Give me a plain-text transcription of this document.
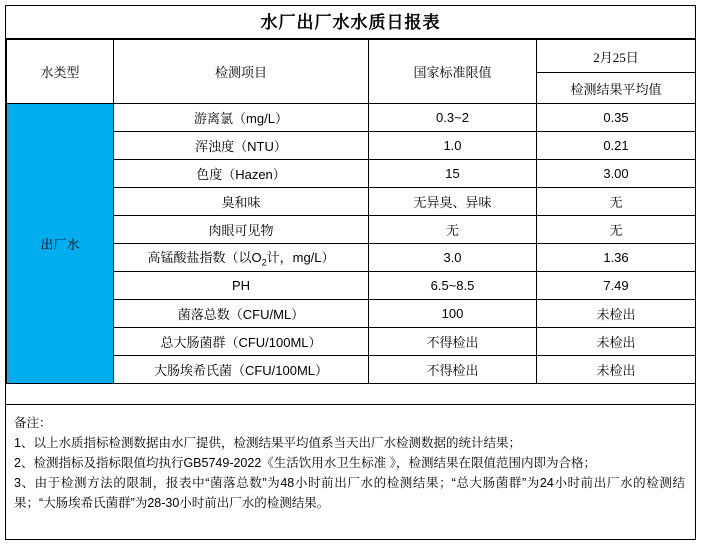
水厂出厂水水质日报表
水类型	检测项目	国家标准限值	2月25日
			检测结果平均值
出厂水	游离氯（mg/L）	0.3~2	0.35
	浑浊度（NTU）	1.0	0.21
	色度（Hazen）	15	3.00
	臭和味	无异臭、异味	无
	肉眼可见物	无	无
	高锰酸盐指数（以$O_2$计，mg/L）	3.0	1.36
	PH	6.5~8.5	7.49
	菌落总数（CFU/ML）	100	未检出
	总大肠菌群（CFU/100ML）	不得检出	未检出
	大肠埃希氏菌（CFU/100ML）	不得检出	未检出

备注：

1、以上水质指标检测数据由水厂提供，检测结果平均值系当天出厂水检测数据的统计结果；

2、检测指标及指标限值均执行GB5749-2022《生活饮用水卫生标准 》，检测结果在限值范围内即为合格；

3、由于检测方法的限制，报表中“菌落总数”为48小时前出厂水的检测结果；“总大肠菌群”为24小时前出厂水的检测结果；“大肠埃希氏菌群”为28-30小时前出厂水的检测结果。
